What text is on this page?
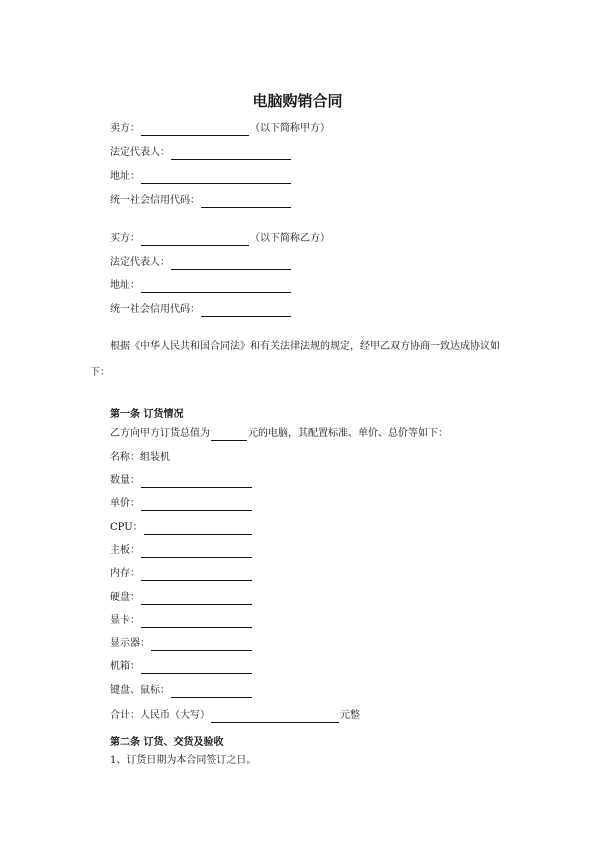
电脑购销合同
卖方：	（以下简称甲方）
法定代表人：
地址：
统一社会信用代码：
买方：	（以下简称乙方）
法定代表人：
地址：
统一社会信用代码：
根据《中华人民共和国合同法》和有关法律法规的规定，经甲乙双方协商一致达成协议如下：
第一条 订货情况
乙方向甲方订货总值为	元的电脑，其配置标准、单价、总价等如下：
名称：组装机
数量：
单价：
CPU：
主板：
内存：
硬盘：
显卡：
显示器：
机箱：
键盘、鼠标：
合计：人民币（大写）	元整
第二条 订货、交货及验收
1、订货日期为本合同签订之日。
